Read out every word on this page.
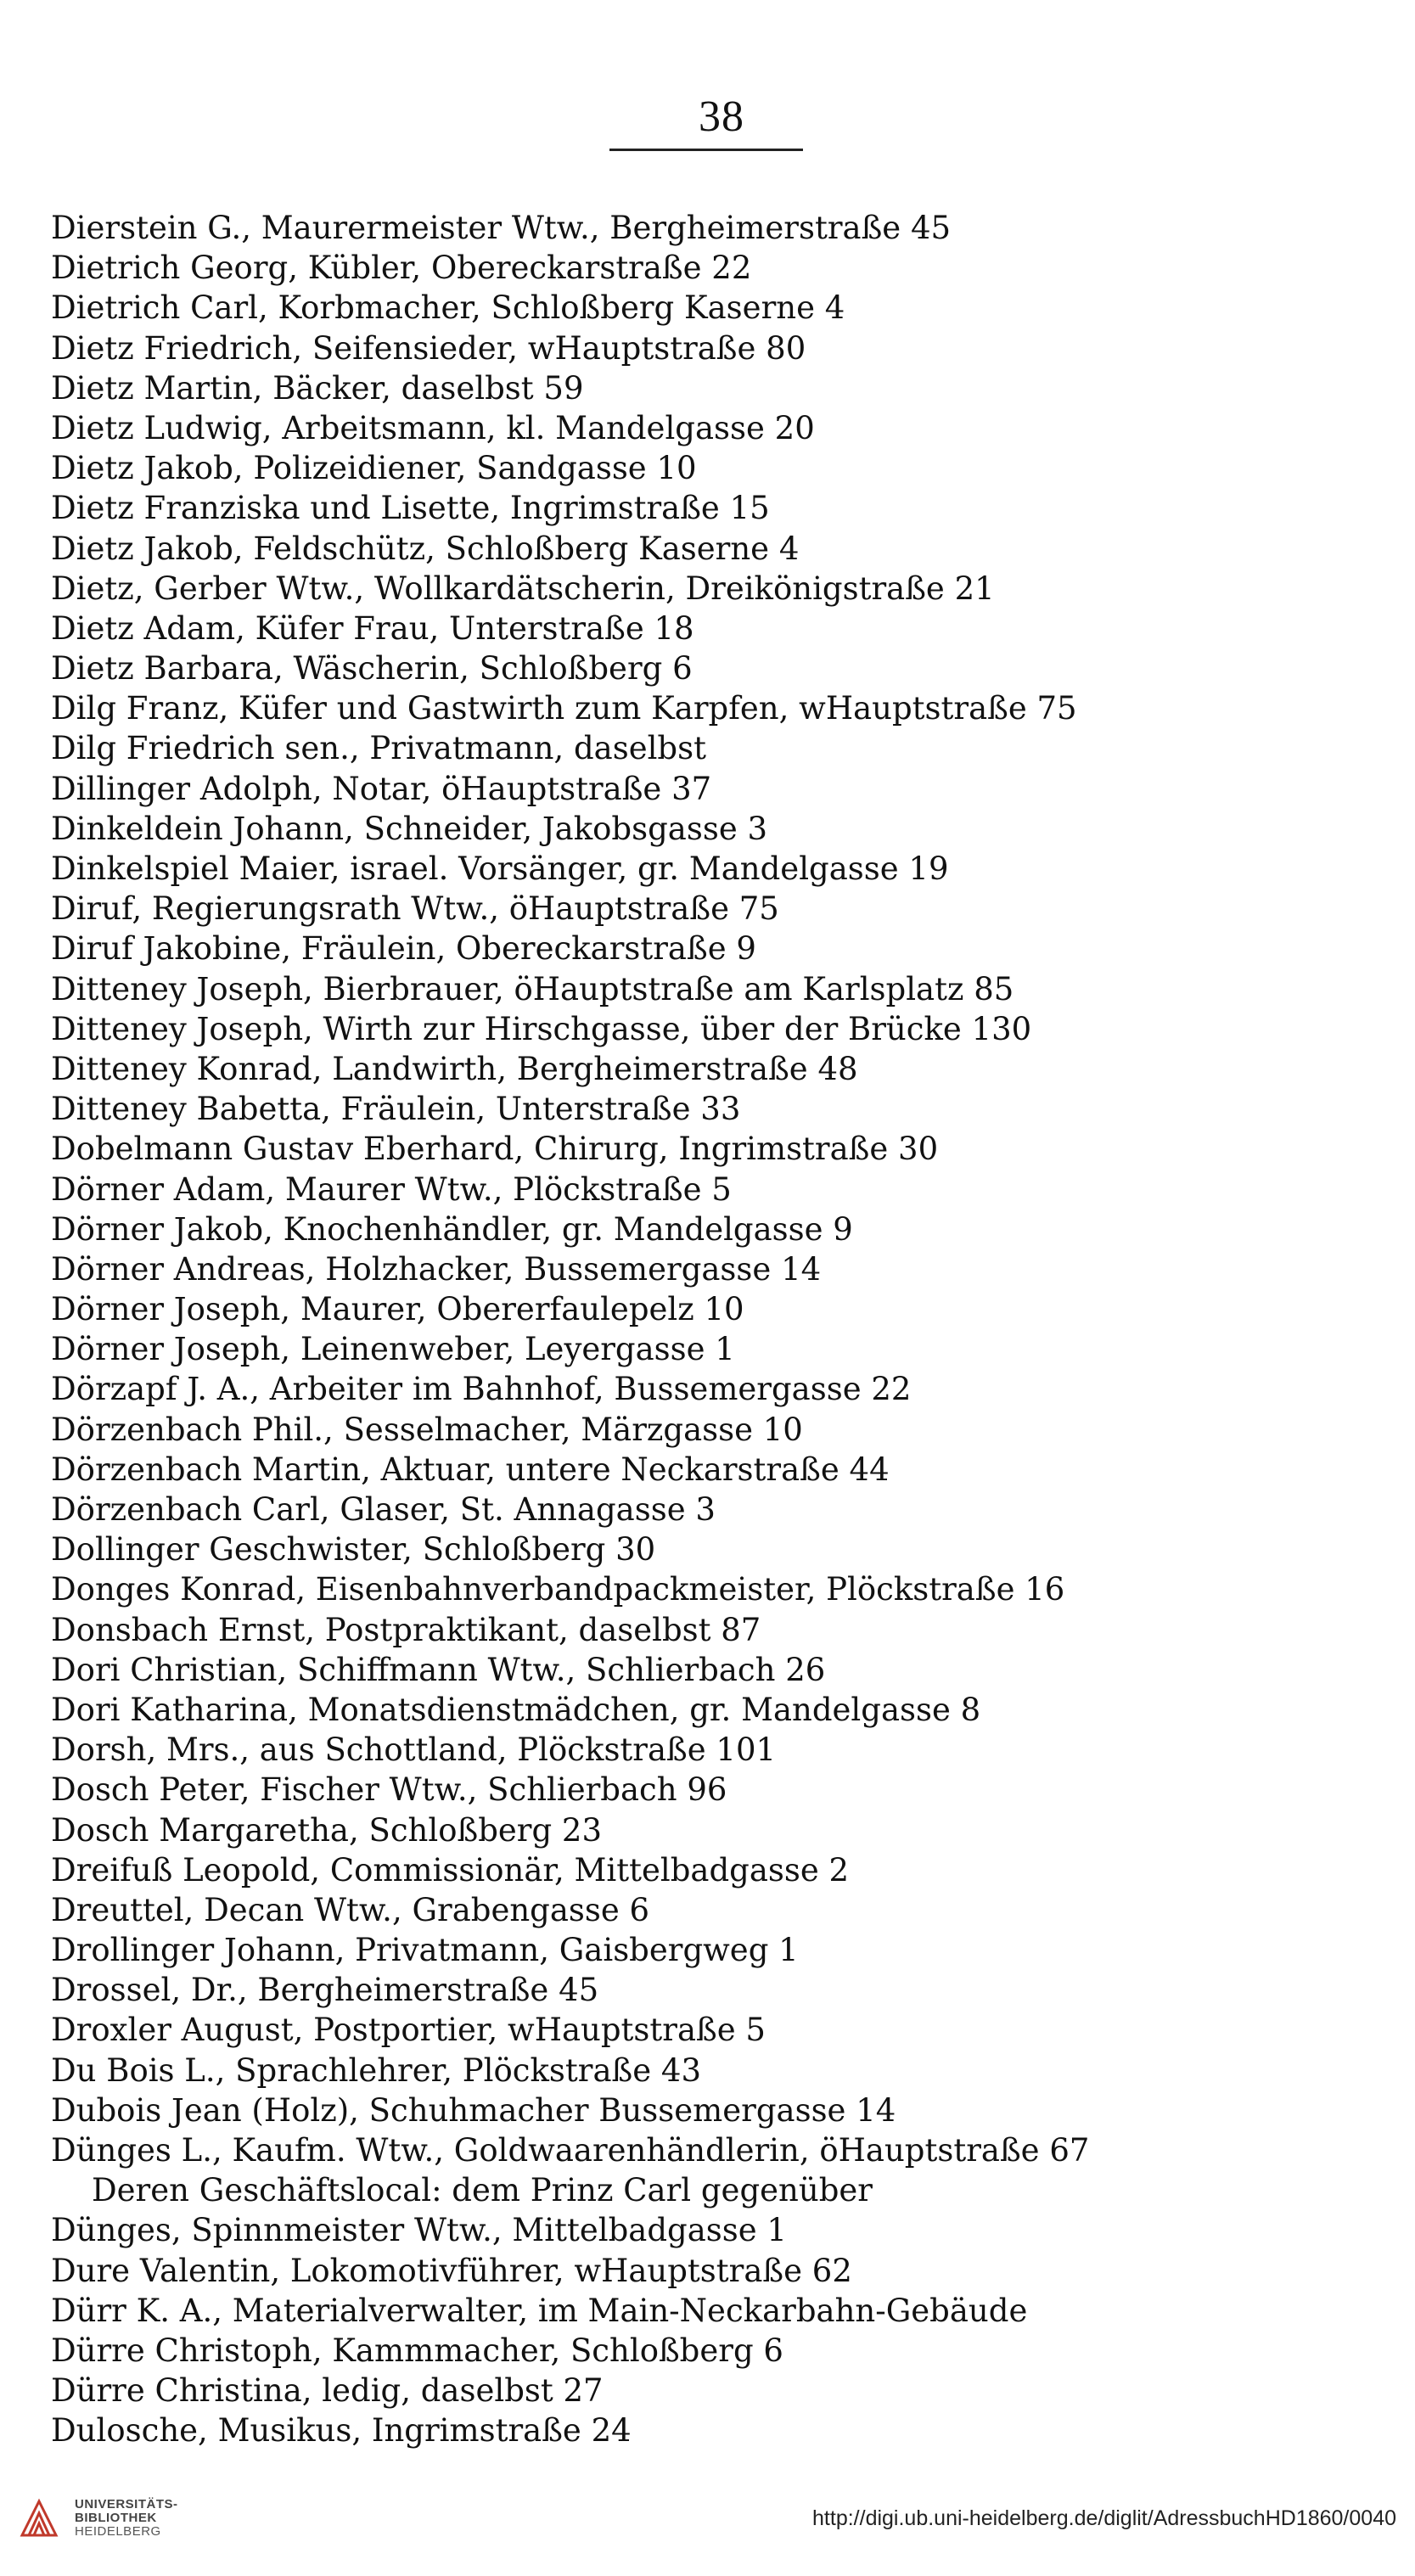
38
Dierstein G., Maurermeister Wtw., Bergheimerstraße 45
Dietrich Georg, Kübler, Obereckarstraße 22
Dietrich Carl, Korbmacher, Schloßberg Kaserne 4
Dietz Friedrich, Seifensieder, wHauptstraße 80
Dietz Martin, Bäcker, daselbst 59
Dietz Ludwig, Arbeitsmann, kl. Mandelgasse 20
Dietz Jakob, Polizeidiener, Sandgasse 10
Dietz Franziska und Lisette, Ingrimstraße 15
Dietz Jakob, Feldschütz, Schloßberg Kaserne 4
Dietz, Gerber Wtw., Wollkardätscherin, Dreikönigstraße 21
Dietz Adam, Küfer Frau, Unterstraße 18
Dietz Barbara, Wäscherin, Schloßberg 6
Dilg Franz, Küfer und Gastwirth zum Karpfen, wHauptstraße 75
Dilg Friedrich sen., Privatmann, daselbst
Dillinger Adolph, Notar, öHauptstraße 37
Dinkeldein Johann, Schneider, Jakobsgasse 3
Dinkelspiel Maier, israel. Vorsänger, gr. Mandelgasse 19
Diruf, Regierungsrath Wtw., öHauptstraße 75
Diruf Jakobine, Fräulein, Obereckarstraße 9
Ditteney Joseph, Bierbrauer, öHauptstraße am Karlsplatz 85
Ditteney Joseph, Wirth zur Hirschgasse, über der Brücke 130
Ditteney Konrad, Landwirth, Bergheimerstraße 48
Ditteney Babetta, Fräulein, Unterstraße 33
Dobelmann Gustav Eberhard, Chirurg, Ingrimstraße 30
Dörner Adam, Maurer Wtw., Plöckstraße 5
Dörner Jakob, Knochenhändler, gr. Mandelgasse 9
Dörner Andreas, Holzhacker, Bussemergasse 14
Dörner Joseph, Maurer, Obererfaulepelz 10
Dörner Joseph, Leinenweber, Leyergasse 1
Dörzapf J. A., Arbeiter im Bahnhof, Bussemergasse 22
Dörzenbach Phil., Sesselmacher, Märzgasse 10
Dörzenbach Martin, Aktuar, untere Neckarstraße 44
Dörzenbach Carl, Glaser, St. Annagasse 3
Dollinger Geschwister, Schloßberg 30
Donges Konrad, Eisenbahnverbandpackmeister, Plöckstraße 16
Donsbach Ernst, Postpraktikant, daselbst 87
Dori Christian, Schiffmann Wtw., Schlierbach 26
Dori Katharina, Monatsdienstmädchen, gr. Mandelgasse 8
Dorsh, Mrs., aus Schottland, Plöckstraße 101
Dosch Peter, Fischer Wtw., Schlierbach 96
Dosch Margaretha, Schloßberg 23
Dreifuß Leopold, Commissionär, Mittelbadgasse 2
Dreuttel, Decan Wtw., Grabengasse 6
Drollinger Johann, Privatmann, Gaisbergweg 1
Drossel, Dr., Bergheimerstraße 45
Droxler August, Postportier, wHauptstraße 5
Du Bois L., Sprachlehrer, Plöckstraße 43
Dubois Jean (Holz), Schuhmacher Bussemergasse 14
Dünges L., Kaufm. Wtw., Goldwaarenhändlerin, öHauptstraße 67
Deren Geschäftslocal: dem Prinz Carl gegenüber
Dünges, Spinnmeister Wtw., Mittelbadgasse 1
Dure Valentin, Lokomotivführer, wHauptstraße 62
Dürr K. A., Materialverwalter, im Main-Neckarbahn-Gebäude
Dürre Christoph, Kammmacher, Schloßberg 6
Dürre Christina, ledig, daselbst 27
Dulosche, Musikus, Ingrimstraße 24
UNIVERSITÄTS-
BIBLIOTHEK
HEIDELBERG
http://digi.ub.uni-heidelberg.de/diglit/AdressbuchHD1860/0040
